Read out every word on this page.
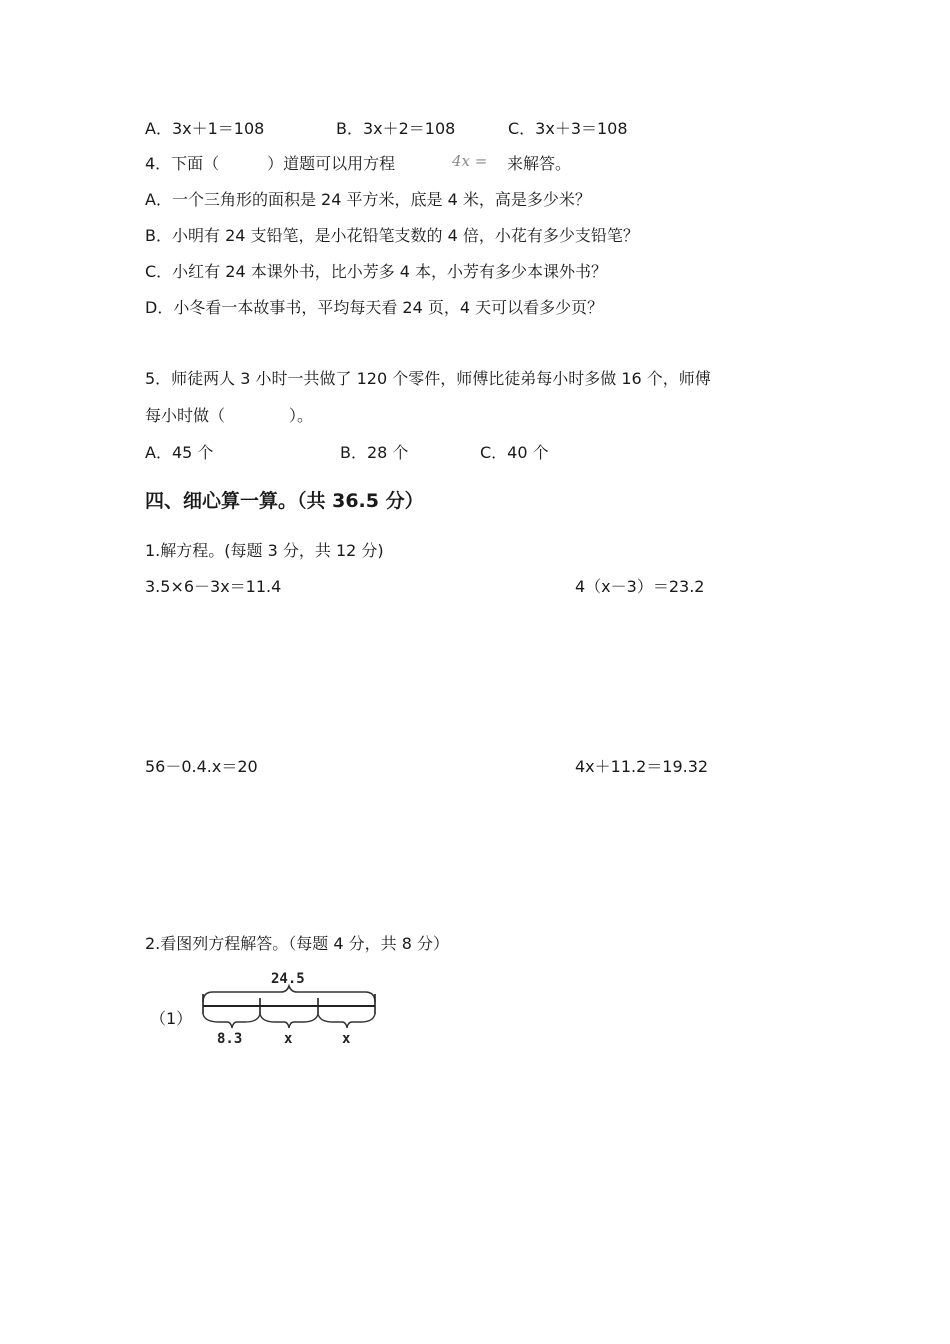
A．3x＋1＝108	B．3x＋2＝108	C．3x＋3＝108
4．下面（　　　）道题可以用方程	4x = 来解答。
A．一个三角形的面积是 24 平方米，底是 4 米，高是多少米？
B．小明有 24 支铅笔，是小花铅笔支数的 4 倍，小花有多少支铅笔？
C．小红有 24 本课外书，比小芳多 4 本，小芳有多少本课外书？
D．小冬看一本故事书，平均每天看 24 页，4 天可以看多少页？
5．师徒两人 3 小时一共做了 120 个零件，师傅比徒弟每小时多做 16 个，师傅
每小时做（　　　　）。
A．45 个	B．28 个	C．40 个
四、细心算一算。（共 36.5 分）
1.解方程。(每题 3 分，共 12 分)
3.5×6－3x＝11.4	4（x－3）＝23.2
56－0.4.x＝20	4x＋11.2＝19.32
2.看图列方程解答。（每题 4 分，共 8 分）
（1）
24.5
8.3	x	x
